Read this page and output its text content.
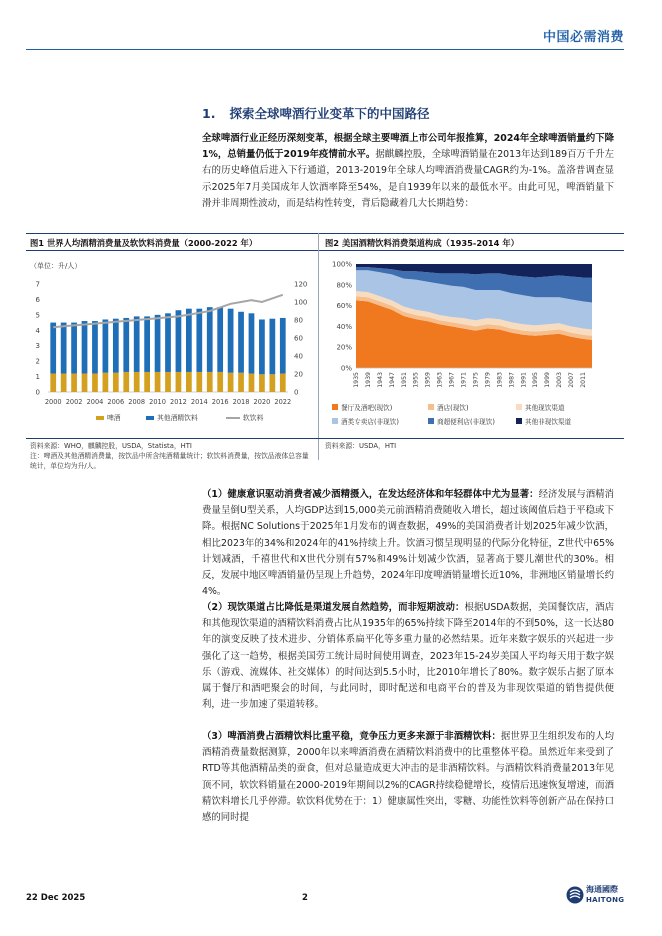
中国必需消费
1. 探索全球啤酒行业变革下的中国路径
全球啤酒行业正经历深刻变革，根据全球主要啤酒上市公司年报推算，2024年全球啤酒销量约下降1%，总销量仍低于2019年疫情前水平。据麒麟控股，全球啤酒销量在2013年达到189百万千升左右的历史峰值后进入下行通道，2013-2019年全球人均啤酒消费量CAGR约为-1%。盖洛普调查显示2025年7月美国成年人饮酒率降至54%，是自1939年以来的最低水平。由此可见，啤酒销量下滑并非周期性波动，而是结构性转变，背后隐藏着几大长期趋势：
图1 世界人均酒精消费量及软饮料消费量（2000-2022 年）	图2 美国酒精饮料消费渠道构成（1935-2014 年）
（单位：升/人）
0
1
2
3
4
5
6
7
0
20
40
60
80
100
120
2000 2002 2004 2006 2008 2010 2012 2014 2016 2018 2020 2022
啤酒	其他酒精饮料	软饮料
0%
20%
40%
60%
80%
100%
1935 1939 1943 1947 1951 1955 1959 1963 1967 1971 1975 1979 1983 1987 1991 1995 1999 2003 2007 2011
餐厅及酒吧(现饮)	酒店(现饮)	其他现饮渠道
酒类专卖店(非现饮)	商超便利店(非现饮)	其他非现饮渠道
资料来源：WHO，麒麟控股，USDA，Statista，HTI
注：啤酒及其他酒精消费量，按饮品中所含纯酒精量统计；软饮料消费量，按饮品液体总容量统计，单位均为升/人。
资料来源：USDA，HTI
（1）健康意识驱动消费者减少酒精摄入，在发达经济体和年轻群体中尤为显著：经济发展与酒精消费量呈倒U型关系，人均GDP达到15,000美元前酒精消费随收入增长，超过该阈值后趋于平稳或下降。根据NC Solutions于2025年1月发布的调查数据，49%的美国消费者计划2025年减少饮酒，相比2023年的34%和2024年的41%持续上升。饮酒习惯呈现明显的代际分化特征，Z世代中65%计划减酒，千禧世代和X世代分别有57%和49%计划减少饮酒，显著高于婴儿潮世代的30%。相反，发展中地区啤酒销量仍呈现上升趋势，2024年印度啤酒销量增长近10%，非洲地区销量增长约4%。
（2）现饮渠道占比降低是渠道发展自然趋势，而非短期波动：根据USDA数据，美国餐饮店，酒店和其他现饮渠道的酒精饮料消费占比从1935年的65%持续下降至2014年的不到50%，这一长达80年的演变反映了技术进步、分销体系扁平化等多重力量的必然结果。近年来数字娱乐的兴起进一步强化了这一趋势，根据美国劳工统计局时间使用调查，2023年15-24岁美国人平均每天用于数字娱乐（游戏、流媒体、社交媒体）的时间达到5.5小时，比2010年增长了80%。数字娱乐占据了原本属于餐厅和酒吧聚会的时间，与此同时，即时配送和电商平台的普及为非现饮渠道的销售提供便利，进一步加速了渠道转移。
（3）啤酒消费占酒精饮料比重平稳，竞争压力更多来源于非酒精饮料：据世界卫生组织发布的人均酒精消费量数据测算，2000年以来啤酒消费在酒精饮料消费中的比重整体平稳。虽然近年来受到了RTD等其他酒精品类的蚕食，但对总量造成更大冲击的是非酒精饮料。与酒精饮料消费量2013年见顶不同，软饮料销量在2000-2019年期间以2%的CAGR持续稳健增长，疫情后迅速恢复增速，而酒精饮料增长几乎停滞。软饮料优势在于：1）健康属性突出，零糖、功能性饮料等创新产品在保持口感的同时提
22 Dec 2025	2
海通國際
HAITONG
